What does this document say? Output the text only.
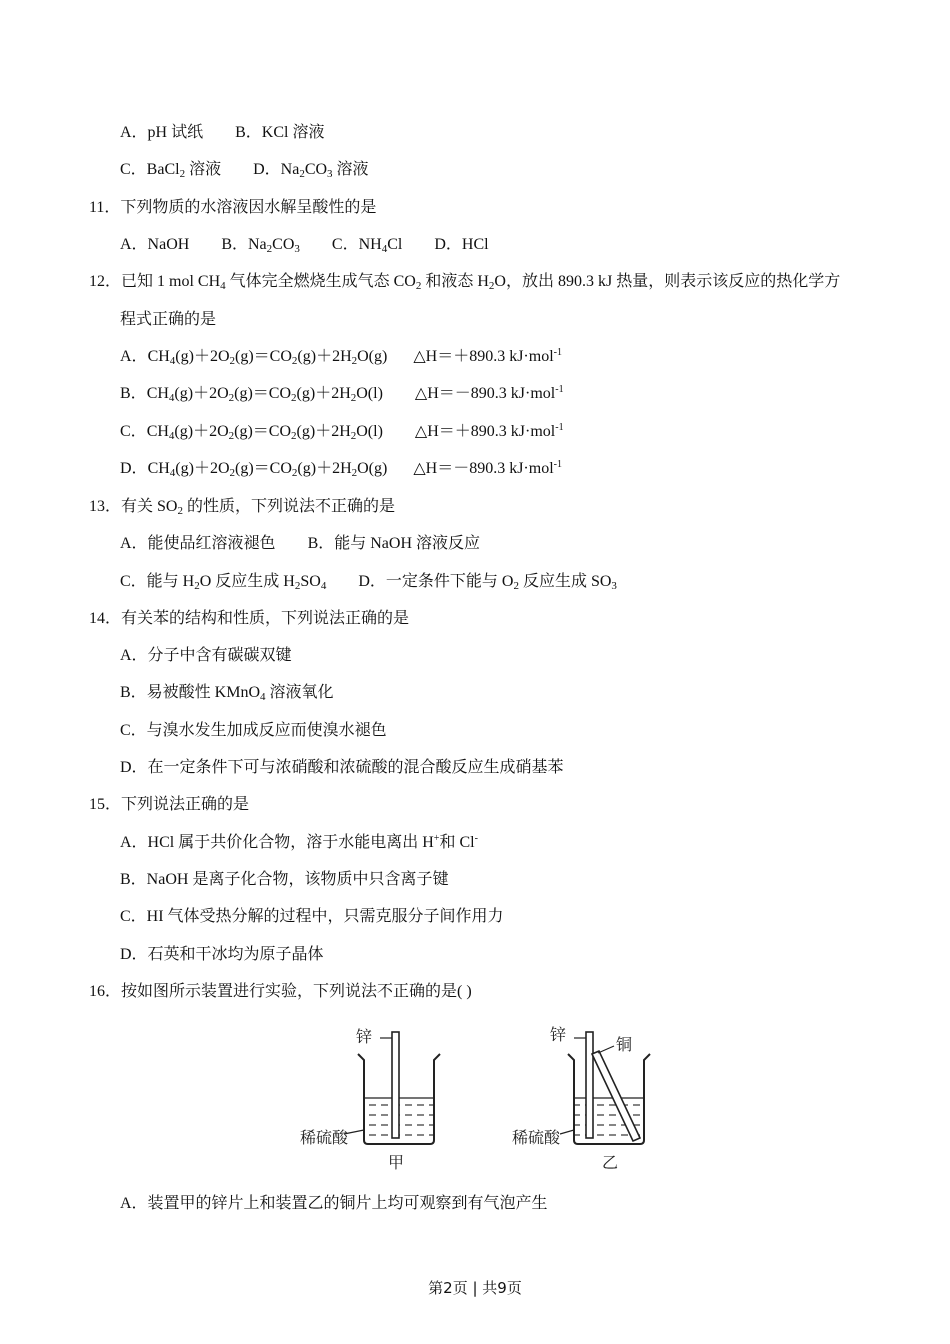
A．pH 试纸 B．KCl 溶液
C．BaCl$_2$ 溶液 D．$Na_2CO_3$ 溶液
11．下列物质的水溶液因水解呈酸性的是
A．NaOH B．$Na_2CO_3$ C．$NH_4Cl$ D．HCl
12．已知 1 mol $CH_4$ 气体完全燃烧生成气态 $CO_2$ 和液态 $H_2O$，放出 890.3 kJ 热量，则表示该反应的热化学方
程式正确的是
A．$CH_4(g)+2O_2(g)=CO_2(g)+2H_2O(g)$ △H＝＋890.3 kJ·mol$^{-1}$
B．$CH_4(g)+2O_2(g)=CO_2(g)+2H_2O(l)$ △H＝－890.3 kJ·mol$^{-1}$
C．$CH_4(g)+2O_2(g)=CO_2(g)+2H_2O(l)$ △H＝＋890.3 kJ·mol$^{-1}$
D．$CH_4(g)+2O_2(g)=CO_2(g)+2H_2O(g)$ △H＝－890.3 kJ·mol$^{-1}$
13．有关 $SO_2$ 的性质，下列说法不正确的是
A．能使品红溶液褪色 B．能与 NaOH 溶液反应
C．能与 $H_2O$ 反应生成 $H_2SO_4$ D．一定条件下能与 $O_2$ 反应生成 $SO_3$
14．有关苯的结构和性质，下列说法正确的是
A．分子中含有碳碳双键
B．易被酸性 KMnO$_4$ 溶液氧化
C．与溴水发生加成反应而使溴水褪色
D．在一定条件下可与浓硝酸和浓硫酸的混合酸反应生成硝基苯
15．下列说法正确的是
A．HCl 属于共价化合物，溶于水能电离出 H+和 Cl-
B．NaOH 是离子化合物，该物质中只含离子键
C．HI 气体受热分解的过程中，只需克服分子间作用力
D．石英和干冰均为原子晶体
16．按如图所示装置进行实验，下列说法不正确的是( )
锌
稀硫酸
甲
锌
铜
稀硫酸
乙
A．装置甲的锌片上和装置乙的铜片上均可观察到有气泡产生
第2页 | 共9页
